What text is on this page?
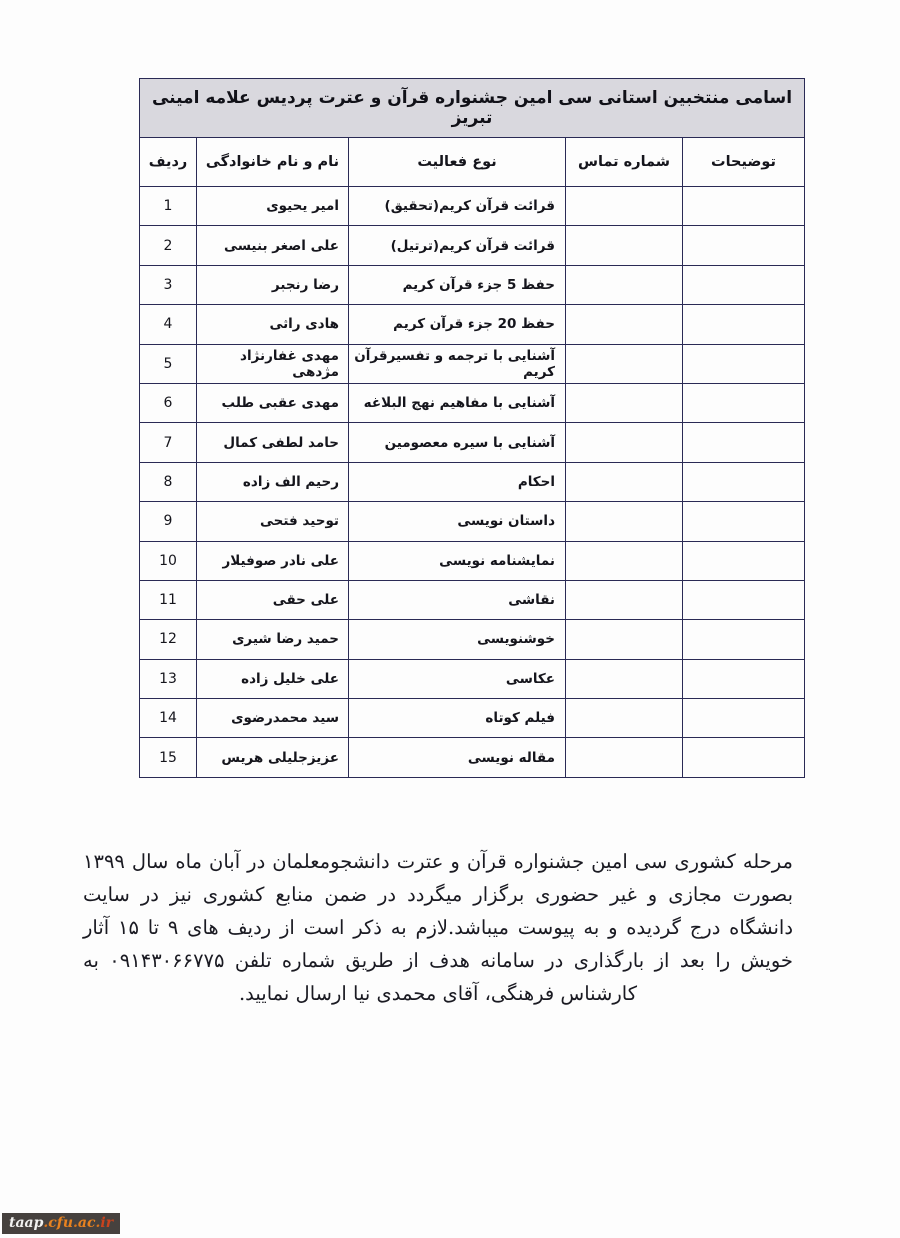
اسامی منتخبین استانی سی امین جشنواره قرآن و عترت پردیس علامه امینی تبریز				
توضیحات	شماره تماس	نوع فعالیت	نام و نام خانوادگی	ردیف
		قرائت قرآن کریم(تحقیق)	امیر یحیوی	1
		قرائت قرآن کریم(ترتیل)	علی اصغر بنیسی	2
		حفظ 5 جزء قرآن کریم	رضا رنجبر	3
		حفظ 20 جزء قرآن کریم	هادی راثی	4
		آشنایی با ترجمه و تفسیرقرآن کریم	مهدی غفارنژاد مژدهی	5
		آشنایی با مفاهیم نهج البلاغه	مهدی عقبی طلب	6
		آشنایی با سیره معصومین	حامد لطفی کمال	7
		احکام	رحیم الف زاده	8
		داستان نویسی	توحید فتحی	9
		نمایشنامه نویسی	علی نادر صوفیلار	10
		نقاشی	علی حقی	11
		خوشنویسی	حمید رضا شیری	12
		عکاسی	علی خلیل زاده	13
		فیلم کوتاه	سید محمدرضوی	14
		مقاله نویسی	عزیزجلیلی هریس	15
مرحله کشوری سی امین جشنواره قرآن و عترت دانشجومعلمان در آبان ماه سال ۱۳۹۹ بصورت مجازی و غیر حضوری برگزار میگردد در ضمن منابع کشوری نیز در سایت دانشگاه درج گردیده و به پیوست میباشد.لازم به ذکر است از ردیف های ۹ تا ۱۵ آثار خویش را بعد از بارگذاری در سامانه هدف از طریق شماره تلفن ۰۹۱۴۳۰۶۶۷۷۵ به کارشناس فرهنگی، آقای محمدی نیا ارسال نمایید.
taap.cfu.ac.ir
